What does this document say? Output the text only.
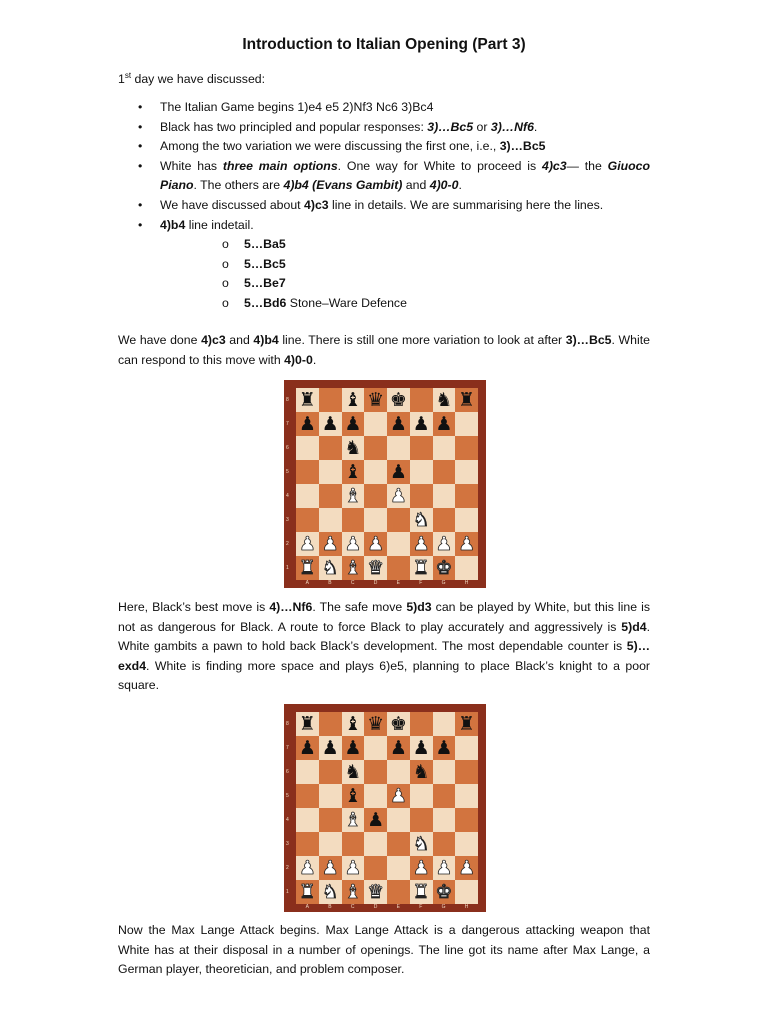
Introduction to Italian Opening (Part 3)
1st day we have discussed:
• The Italian Game begins 1)e4 e5 2)Nf3 Nc6 3)Bc4
• Black has two principled and popular responses: 3)…Bc5 or 3)…Nf6.
• Among the two variation we were discussing the first one, i.e., 3)…Bc5
• White has three main options. One way for White to proceed is 4)c3— the Giuoco Piano. The others are 4)b4 (Evans Gambit) and 4)0-0.
• We have discussed about 4)c3 line in details. We are summarising here the lines.
• 4)b4 line indetail.
o 5…Ba5
o 5…Bc5
o 5…Be7
o 5…Bd6 Stone–Ware Defence

We have done 4)c3 and 4)b4 line. There is still one more variation to look at after 3)…Bc5. White can respond to this move with 4)0-0.

8
7
6
5
4
3
2
1
♜ ♝ ♛ ♚ ♞ ♜
♟ ♟ ♟ ♟ ♟ ♟
♞
♝ ♟
♝ ♟
♞
♟ ♟ ♟ ♟ ♟ ♟ ♟
♜ ♞ ♝ ♛ ♜ ♚
A	B	C	D	E	F	G	H

Here, Black’s best move is 4)…Nf6. The safe move 5)d3 can be played by White, but this line is not as dangerous for Black. A route to force Black to play accurately and aggressively is 5)d4. White gambits a pawn to hold back Black’s development. The most dependable counter is 5)…exd4. White is finding more space and plays 6)e5, planning to place Black’s knight to a poor square.

8
7
6
5
4
3
2
1
♜ ♝ ♛ ♚	♜
♟ ♟ ♟ ♟ ♟ ♟
♞	♞
♝ ♟
♝ ♟
♞
♟ ♟ ♟	♟ ♟ ♟
♜ ♞ ♝ ♛ ♜ ♚
A	B	C	D	E	F	G	H

Now the Max Lange Attack begins. Max Lange Attack is a dangerous attacking weapon that White has at their disposal in a number of openings. The line got its name after Max Lange, a German player, theoretician, and problem composer.
